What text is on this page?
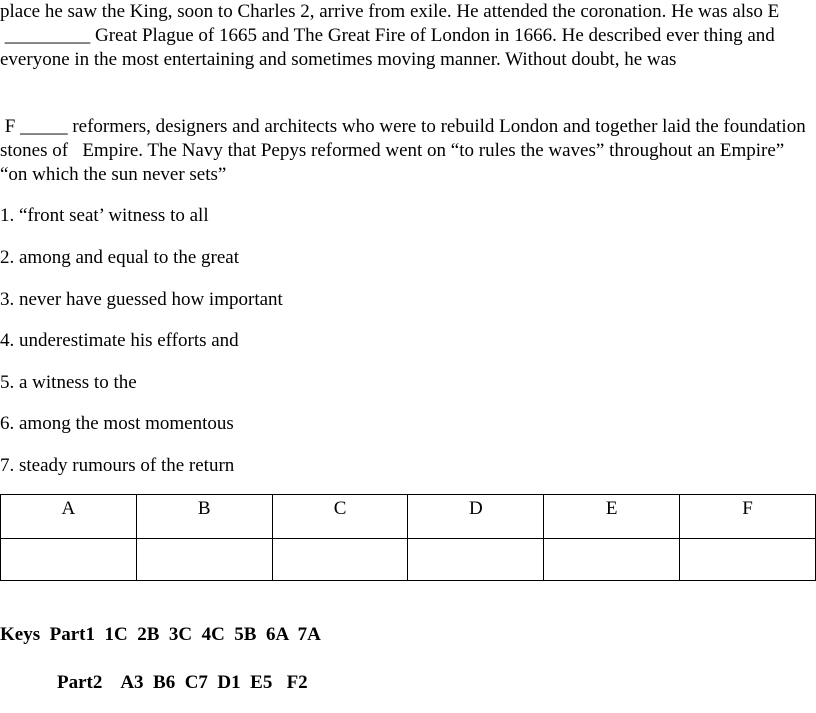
place he saw the King, soon to Charles 2, arrive from exile. He attended the coronation. He was also E _________ Great Plague of 1665 and The Great Fire of London in 1666. He described ever thing and everyone in the most entertaining and sometimes moving manner. Without doubt, he was

F _____ reformers, designers and architects who were to rebuild London and together laid the foundation stones of   Empire. The Navy that Pepys reformed went on “to rules the waves” throughout an Empire” “on which the sun never sets”

1. “front seat’ witness to all

2. among and equal to the great

3. never have guessed how important

4. underestimate his efforts and

5. a witness to the

6. among the most momentous

7. steady rumours of the return

A	B	C	D	E	F

Keys  Part1  1C  2B  3C  4C  5B  6A  7A

Part2    A3  B6  C7  D1  E5   F2
